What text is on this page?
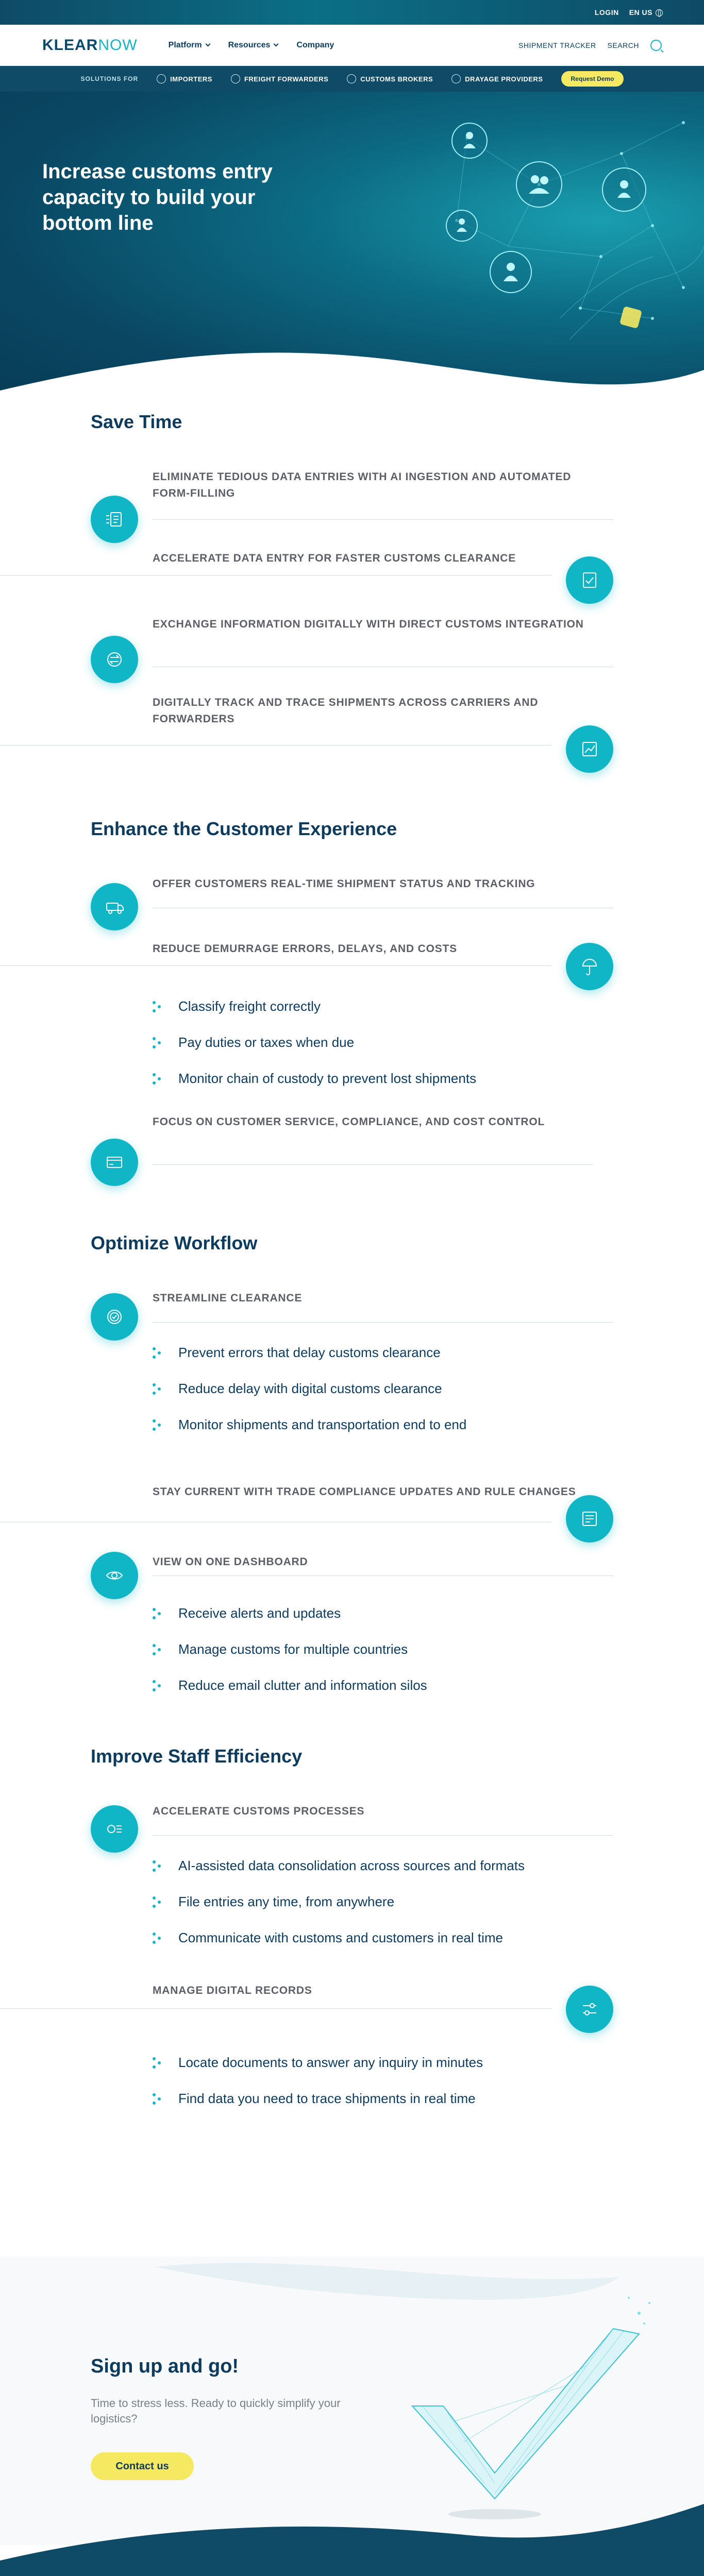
LOGIN EN US
KLEARNOW	Platform	Resources	Company	SHIPMENT TRACKER SEARCH
SOLUTIONS FOR	IMPORTERS	FREIGHT FORWARDERS	CUSTOMS BROKERS	DRAYAGE PROVIDERS	Request Demo
Increase customs entry capacity to build your bottom line
Save Time
ELIMINATE TEDIOUS DATA ENTRIES WITH AI INGESTION AND AUTOMATED FORM-FILLING
ACCELERATE DATA ENTRY FOR FASTER CUSTOMS CLEARANCE
EXCHANGE INFORMATION DIGITALLY WITH DIRECT CUSTOMS INTEGRATION
DIGITALLY TRACK AND TRACE SHIPMENTS ACROSS CARRIERS AND FORWARDERS
Enhance the Customer Experience
OFFER CUSTOMERS REAL-TIME SHIPMENT STATUS AND TRACKING
REDUCE DEMURRAGE ERRORS, DELAYS, AND COSTS
Classify freight correctly
Pay duties or taxes when due
Monitor chain of custody to prevent lost shipments
FOCUS ON CUSTOMER SERVICE, COMPLIANCE, AND COST CONTROL
Optimize Workflow
STREAMLINE CLEARANCE
Prevent errors that delay customs clearance
Reduce delay with digital customs clearance
Monitor shipments and transportation end to end
STAY CURRENT WITH TRADE COMPLIANCE UPDATES AND RULE CHANGES
VIEW ON ONE DASHBOARD
Receive alerts and updates
Manage customs for multiple countries
Reduce email clutter and information silos
Improve Staff Efficiency
ACCELERATE CUSTOMS PROCESSES
AI-assisted data consolidation across sources and formats
File entries any time, from anywhere
Communicate with customs and customers in real time
MANAGE DIGITAL RECORDS
Locate documents to answer any inquiry in minutes
Find data you need to trace shipments in real time
Sign up and go!

Time to stress less. Ready to quickly simplify your logistics?

Contact us
